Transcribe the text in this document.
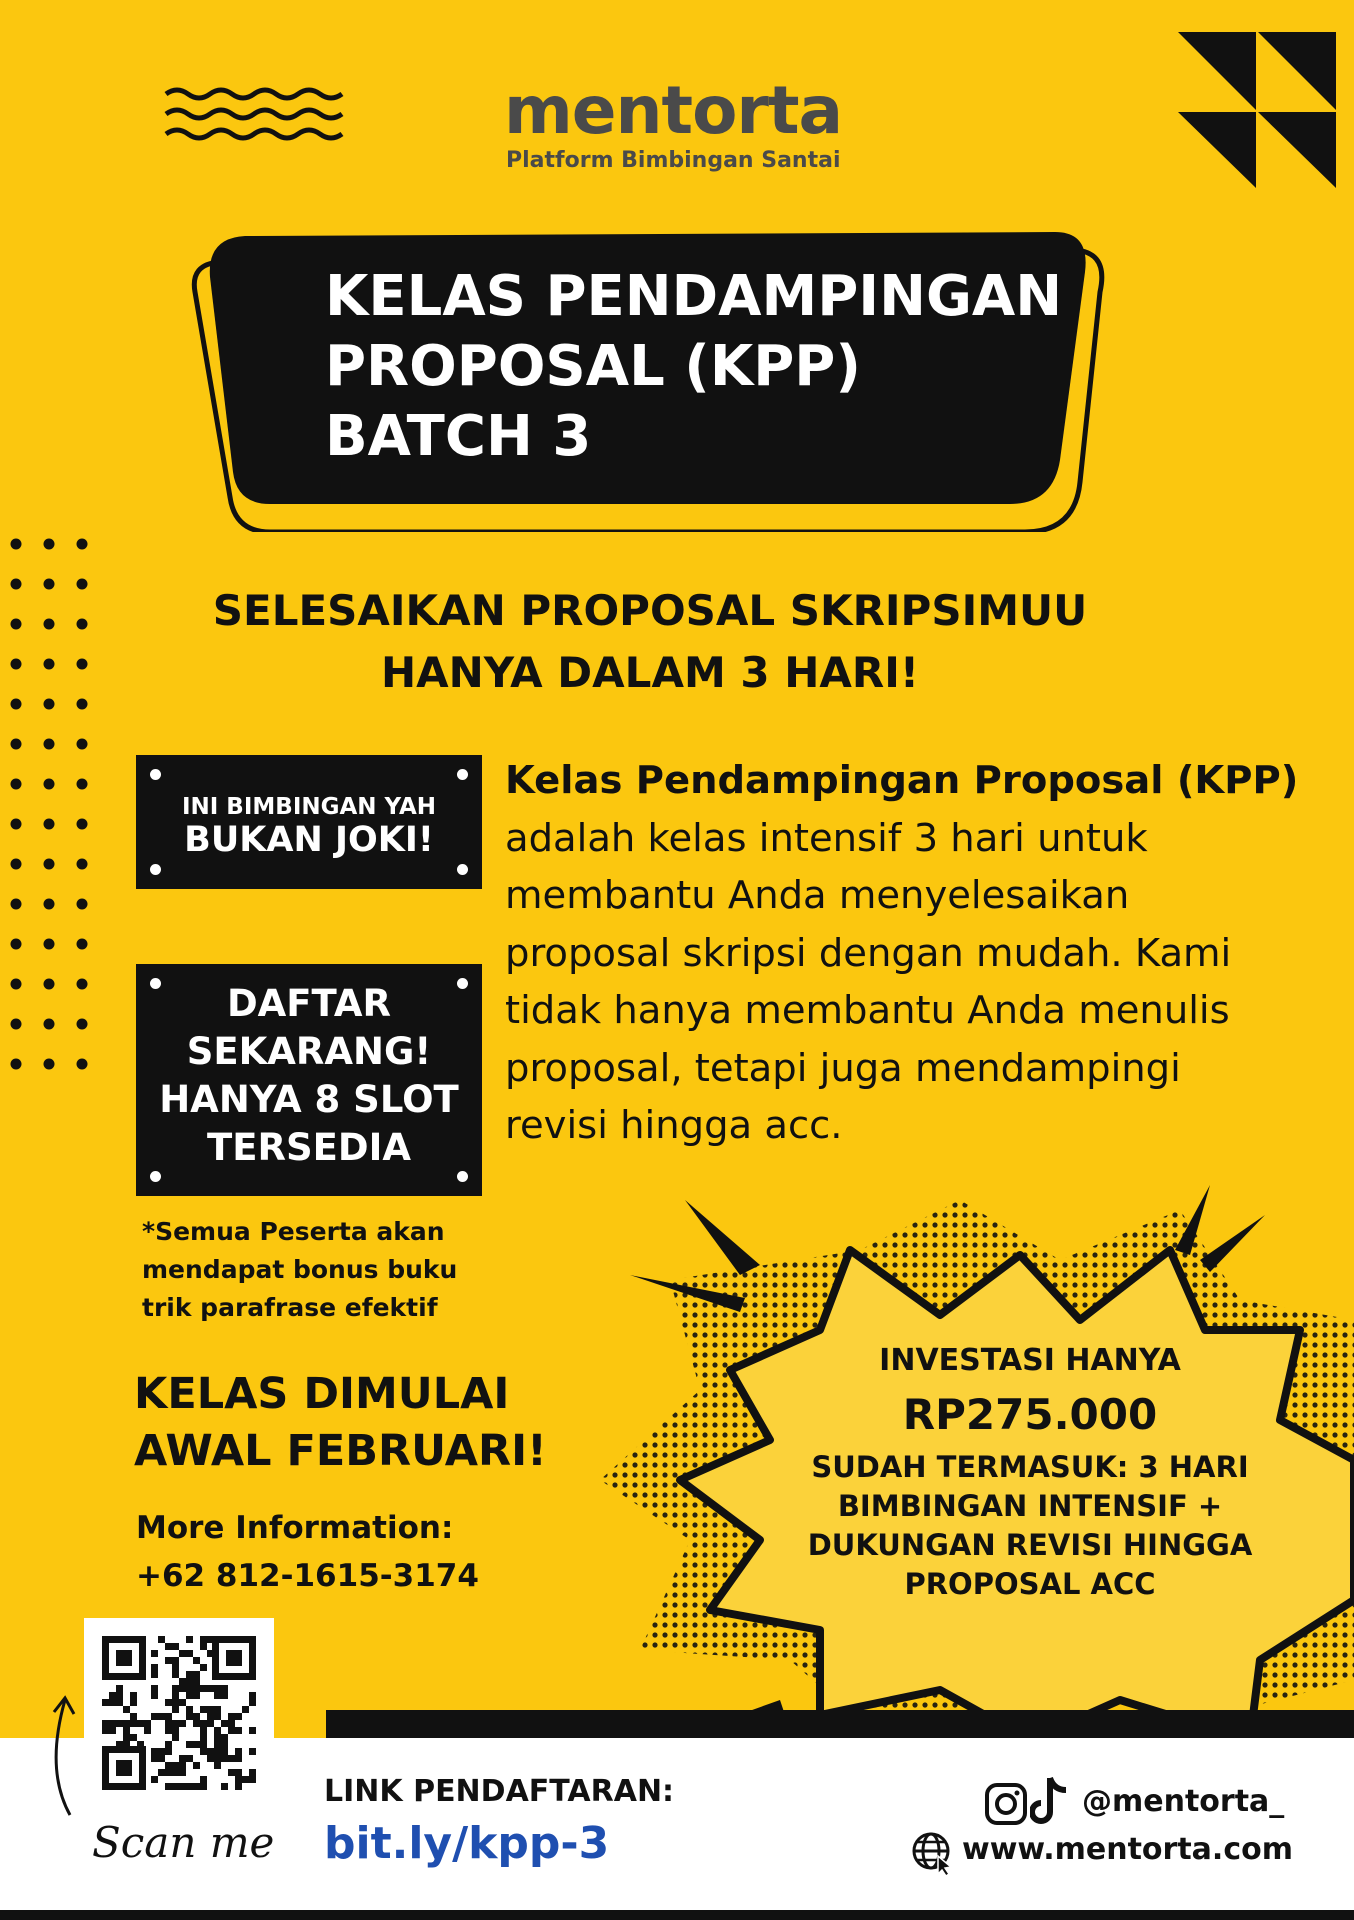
mentorta
Platform Bimbingan Santai
KELAS PENDAMPINGAN
PROPOSAL (KPP)
BATCH 3
SELESAIKAN PROPOSAL SKRIPSIMUU
HANYA DALAM 3 HARI!
INI BIMBINGAN YAH
BUKAN JOKI!
DAFTAR
SEKARANG!
HANYA 8 SLOT
TERSEDIA
*Semua Peserta akan
mendapat bonus buku
trik parafrase efektif
Kelas Pendampingan Proposal (KPP)
adalah kelas intensif 3 hari untuk
membantu Anda menyelesaikan
proposal skripsi dengan mudah. Kami
tidak hanya membantu Anda menulis
proposal, tetapi juga mendampingi
revisi hingga acc.
KELAS DIMULAI
AWAL FEBRUARI!
More Information:
+62 812-1615-3174
INVESTASI HANYA
RP275.000
SUDAH TERMASUK: 3 HARI
BIMBINGAN INTENSIF +
DUKUNGAN REVISI HINGGA
PROPOSAL ACC
Scan me
LINK PENDAFTARAN:
bit.ly/kpp-3
@mentorta_
www.mentorta.com
